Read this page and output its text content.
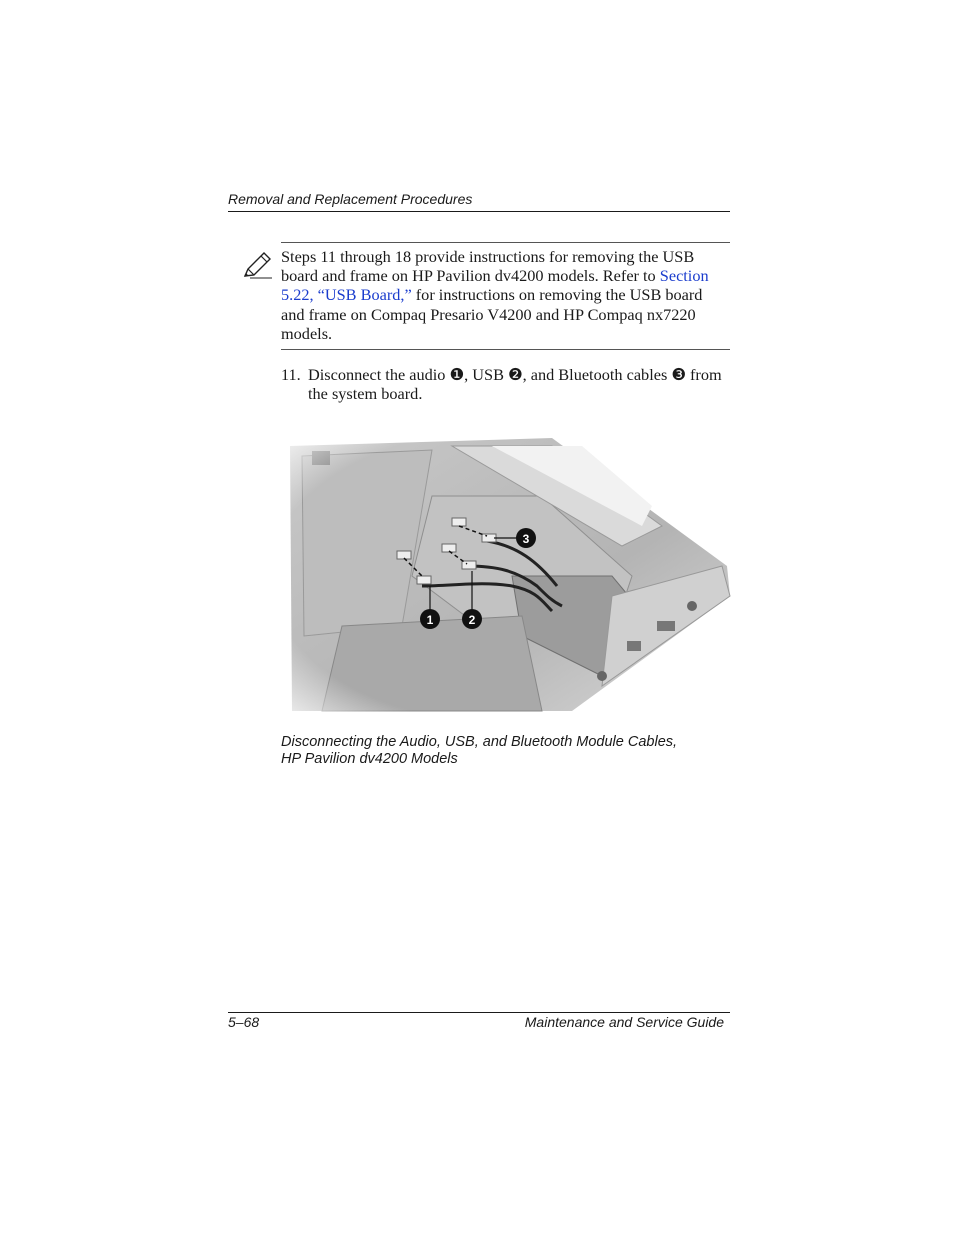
Removal and Replacement Procedures
Steps 11 through 18 provide instructions for removing the USB board and frame on HP Pavilion dv4200 models. Refer to Section 5.22, “USB Board,” for instructions on removing the USB board and frame on Compaq Presario V4200 and HP Compaq nx7220 models.
11. Disconnect the audio ❶, USB ❷, and Bluetooth cables ❸ from the system board.
1	2
3
Disconnecting the Audio, USB, and Bluetooth Module Cables,
HP Pavilion dv4200 Models
5–68	Maintenance and Service Guide
